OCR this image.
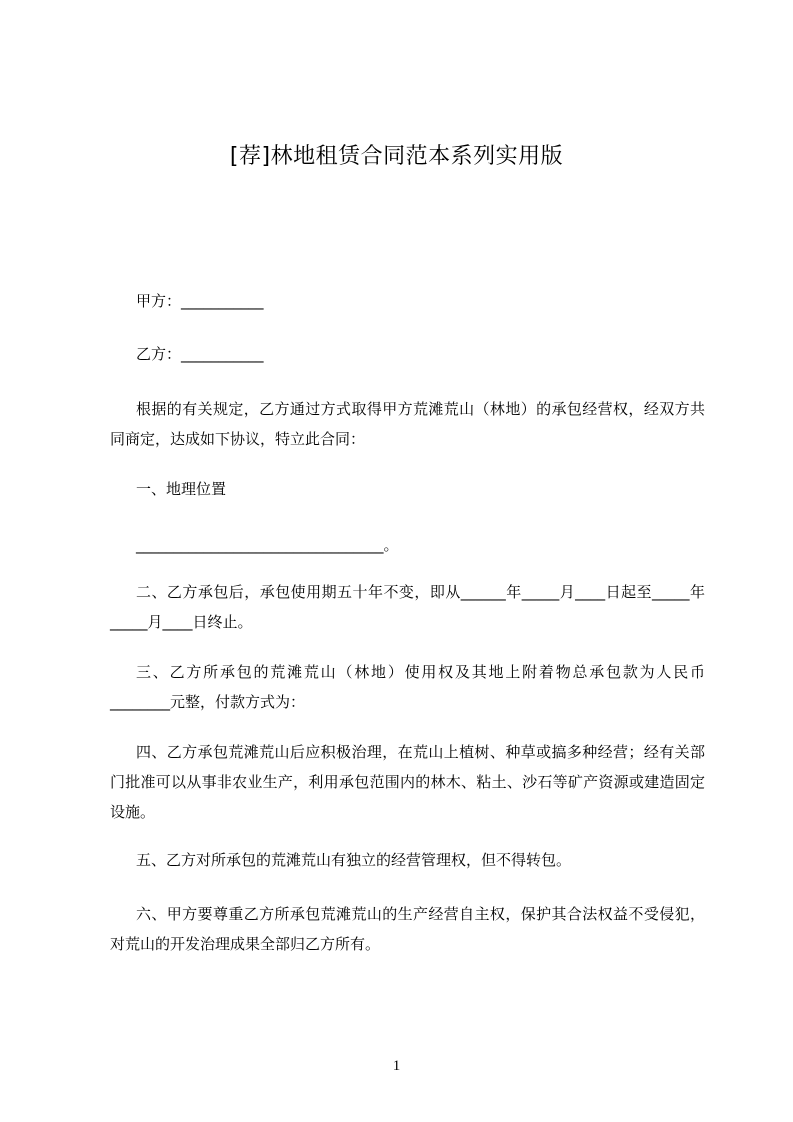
[荐]林地租赁合同范本系列实用版
甲方：___________
乙方：___________
根据的有关规定，乙方通过方式取得甲方荒滩荒山（林地）的承包经营权，经双方共同商定，达成如下协议，特立此合同：
一、地理位置
_________________________________。
二、乙方承包后，承包使用期五十年不变，即从______年_____月____日起至_____年_____月____日终止。
三、乙方所承包的荒滩荒山（林地）使用权及其地上附着物总承包款为人民币________元整，付款方式为：
四、乙方承包荒滩荒山后应积极治理，在荒山上植树、种草或搞多种经营；经有关部门批准可以从事非农业生产，利用承包范围内的林木、粘土、沙石等矿产资源或建造固定设施。
五、乙方对所承包的荒滩荒山有独立的经营管理权，但不得转包。
六、甲方要尊重乙方所承包荒滩荒山的生产经营自主权，保护其合法权益不受侵犯，对荒山的开发治理成果全部归乙方所有。
1
